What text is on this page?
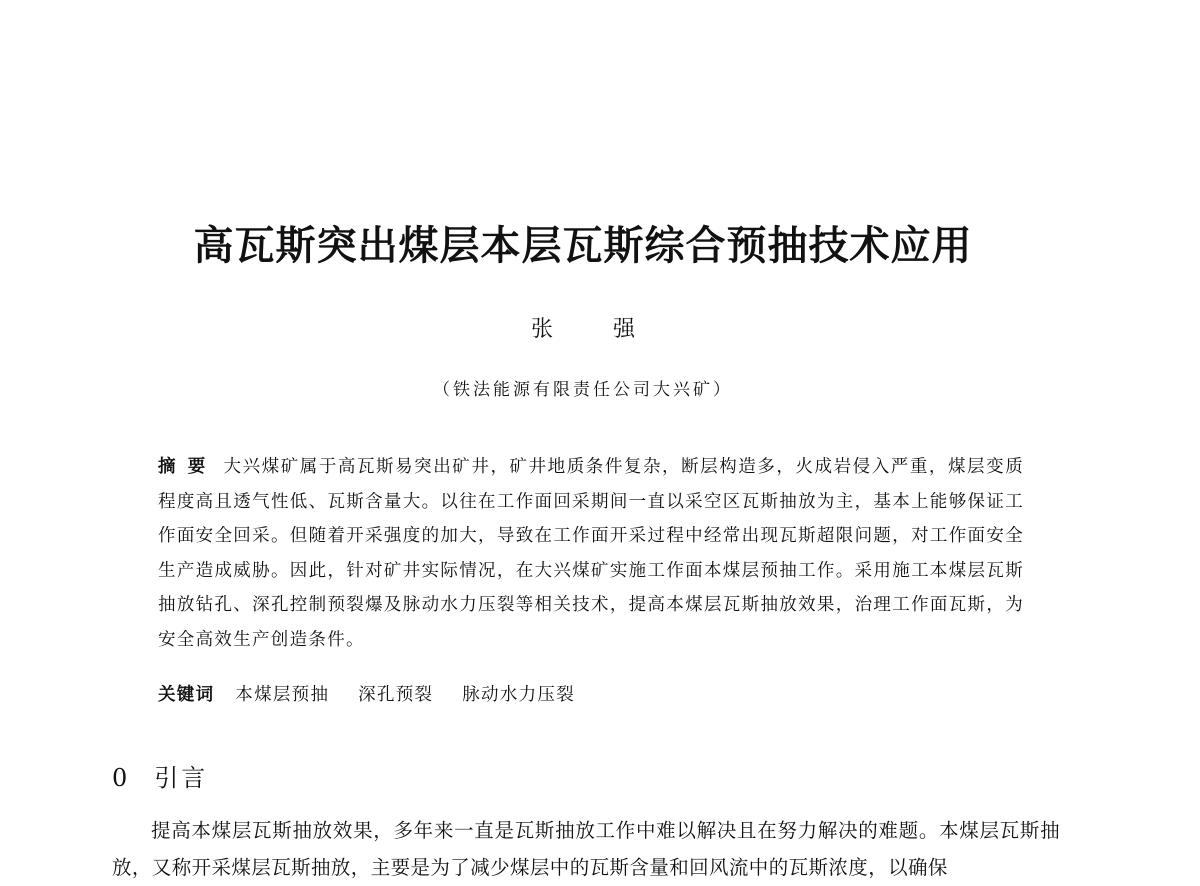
高瓦斯突出煤层本层瓦斯综合预抽技术应用
张强
（铁法能源有限责任公司大兴矿）

摘要 大兴煤矿属于高瓦斯易突出矿井，矿井地质条件复杂，断层构造多，火成岩侵入严重，煤层变质程度高且透气性低、瓦斯含量大。以往在工作面回采期间一直以采空区瓦斯抽放为主，基本上能够保证工作面安全回采。但随着开采强度的加大，导致在工作面开采过程中经常出现瓦斯超限问题，对工作面安全生产造成威胁。因此，针对矿井实际情况，在大兴煤矿实施工作面本煤层预抽工作。采用施工本煤层瓦斯抽放钻孔、深孔控制预裂爆及脉动水力压裂等相关技术，提高本煤层瓦斯抽放效果，治理工作面瓦斯，为安全高效生产创造条件。

关键词 本煤层预抽 深孔预裂 脉动水力压裂
0 引言

提高本煤层瓦斯抽放效果，多年来一直是瓦斯抽放工作中难以解决且在努力解决的难题。本煤层瓦斯抽放，又称开采煤层瓦斯抽放，主要是为了减少煤层中的瓦斯含量和回风流中的瓦斯浓度，以确保
